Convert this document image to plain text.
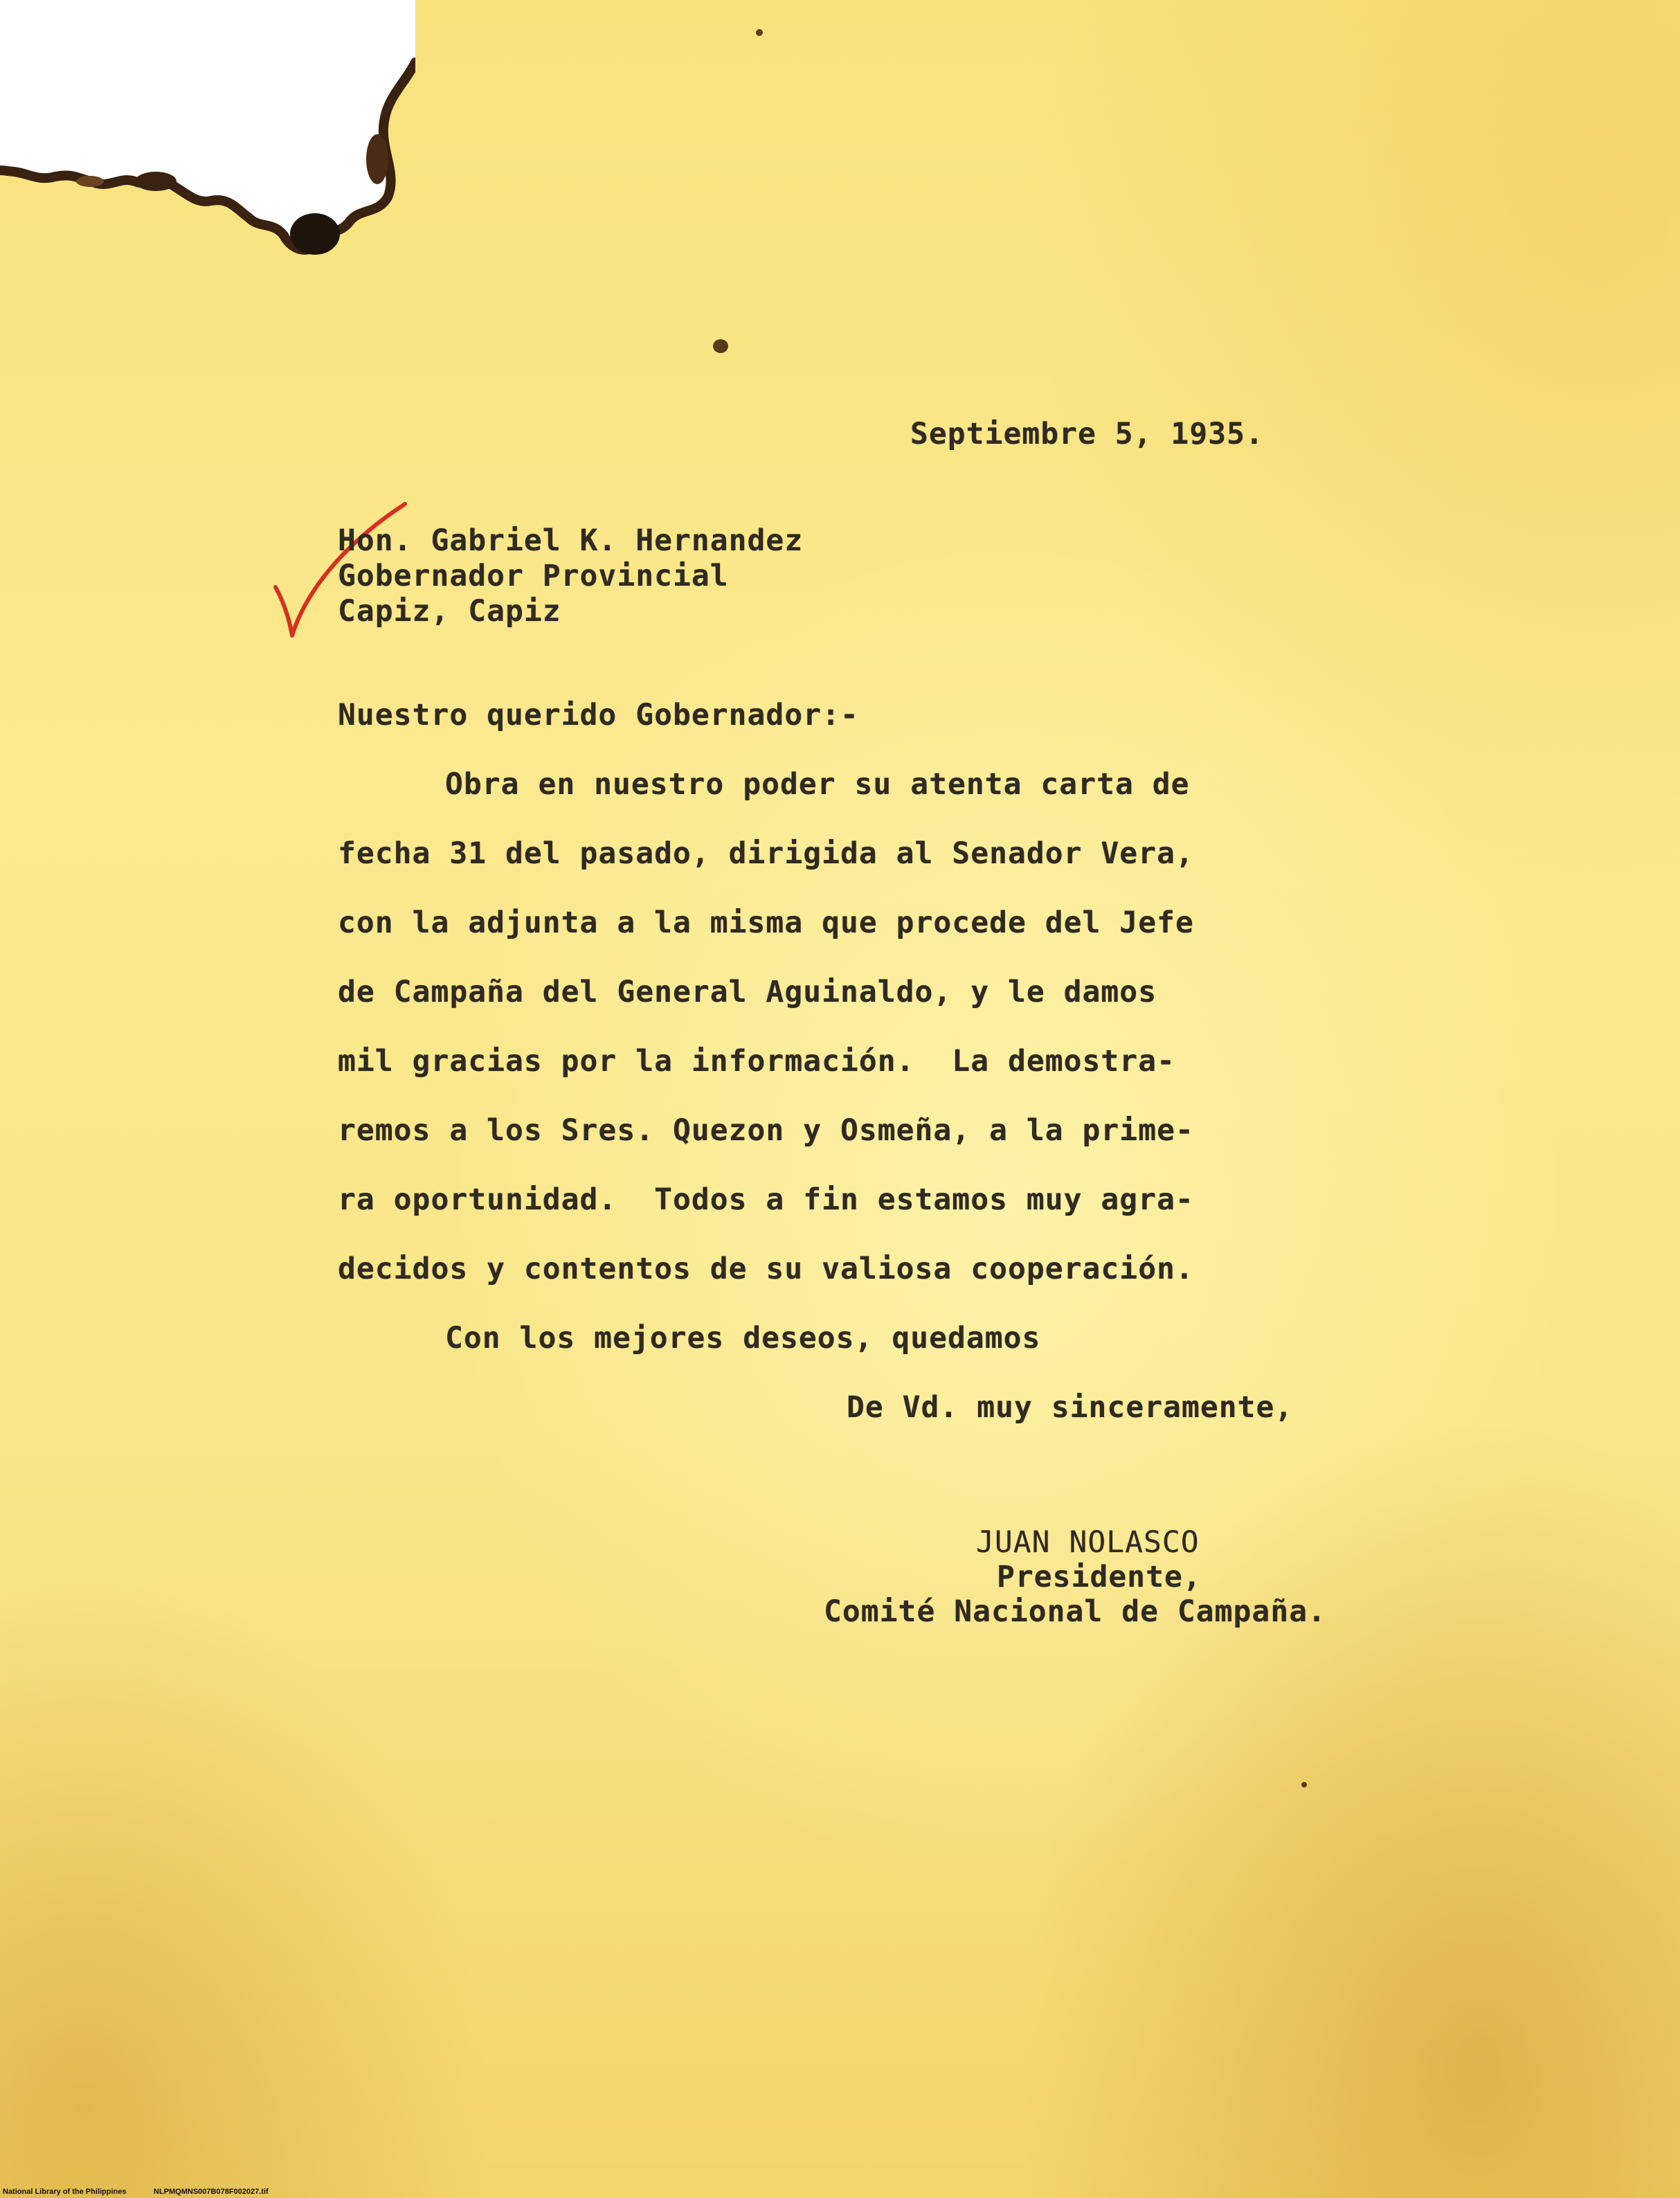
Septiembre 5, 1935.

Hon. Gabriel K. Hernandez

Gobernador Provincial

Capiz, Capiz

Nuestro querido Gobernador:-

Obra en nuestro poder su atenta carta de

fecha 31 del pasado, dirigida al Senador Vera,

con la adjunta a la misma que procede del Jefe

de Campaña del General Aguinaldo, y le damos

mil gracias por la información.  La demostra-

remos a los Sres. Quezon y Osmeña, a la prime-

ra oportunidad.  Todos a fin estamos muy agra-

decidos y contentos de su valiosa cooperación.

Con los mejores deseos, quedamos

De Vd. muy sinceramente,

JUAN NOLASCO

Presidente,

Comité Nacional de Campaña.

National Library of the Philippines	NLPMQMNS007B078F002027.tif
